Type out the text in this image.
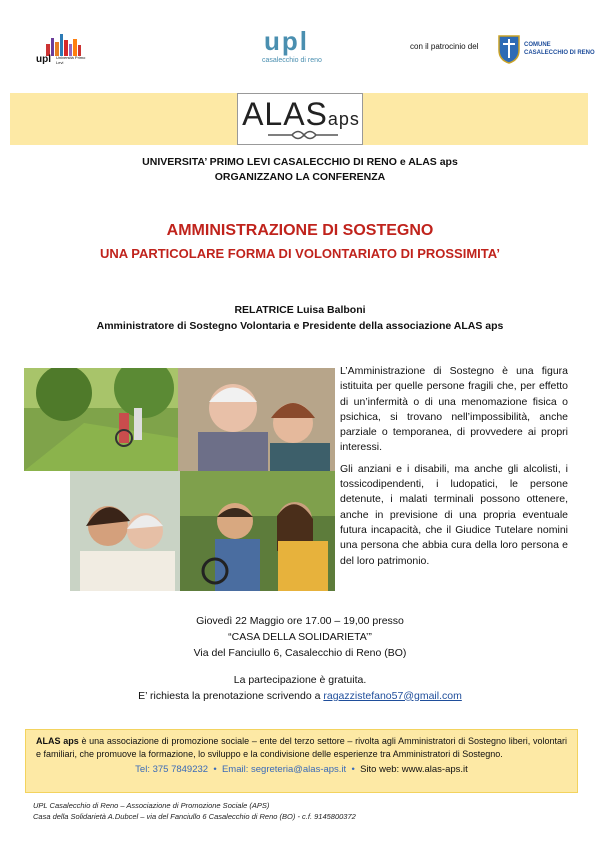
upl Università Primo Levi
upl
casalecchio di reno
con il patrocinio del	COMUNE
CASALECCHIO DI RENO
ALASaps
UNIVERSITA’ PRIMO LEVI CASALECCHIO DI RENO e ALAS aps
ORGANIZZANO LA CONFERENZA
AMMINISTRAZIONE DI SOSTEGNO
UNA PARTICOLARE FORMA DI VOLONTARIATO DI PROSSIMITA’
RELATRICE Luisa Balboni
Amministratore di Sostegno Volontaria e Presidente della associazione ALAS aps

L’Amministrazione di Sostegno è una figura istituita per quelle persone fragili che, per effetto di un’infermità o di una menomazione fisica o psichica, si trovano nell’impossibilità, anche parziale o temporanea, di provvedere ai propri interessi.

Gli anziani e i disabili, ma anche gli alcolisti, i tossicodipendenti, i ludopatici, le persone detenute, i malati terminali possono ottenere, anche in previsione di una propria eventuale futura incapacità, che il Giudice Tutelare nomini una persona che abbia cura della loro persona e del loro patrimonio.

Giovedì 22 Maggio ore 17.00 – 19,00 presso
“CASA DELLA SOLIDARIETA’”
Via del Fanciullo 6, Casalecchio di Reno (BO)
La partecipazione è gratuita.
E’ richiesta la prenotazione scrivendo a ragazzistefano57@gmail.com
ALAS aps è una associazione di promozione sociale – ente del terzo settore – rivolta agli Amministratori di Sostegno liberi, volontari e familiari, che promuove la formazione, lo sviluppo e la condivisione delle esperienze tra Amministratori di Sostegno.
Tel: 375 7849232  •  Email: segreteria@alas-aps.it  •  Sito web: www.alas-aps.it
UPL Casalecchio di Reno – Associazione di Promozione Sociale (APS)
Casa della Solidarietà A.Dubcel – via del Fanciullo 6 Casalecchio di Reno (BO) - c.f. 9145800372
